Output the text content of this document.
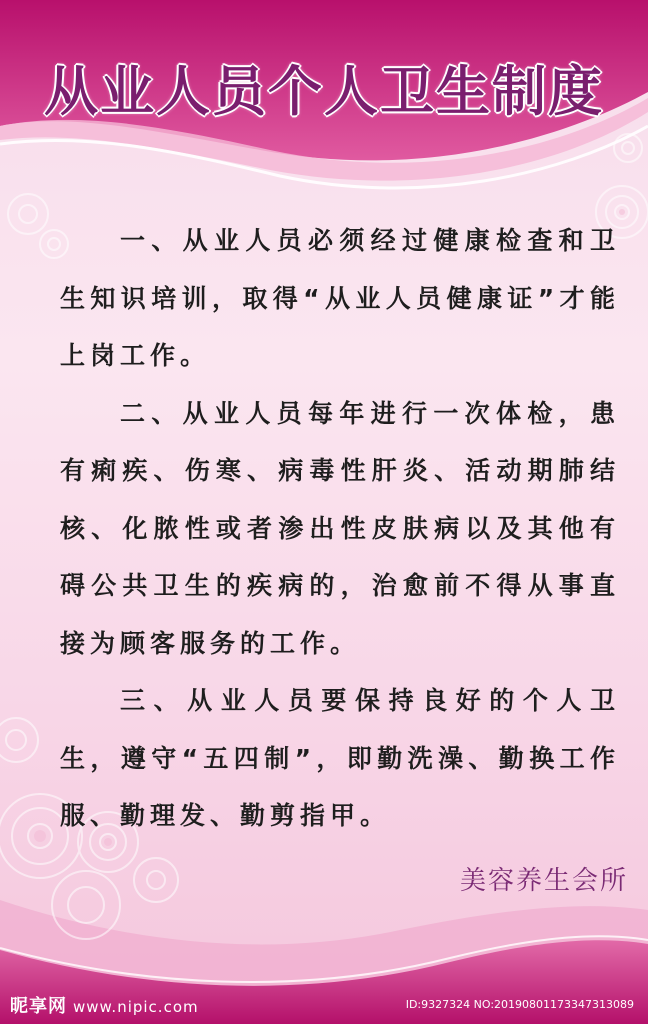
从业人员个人卫生制度

一、从业人员必须经过健康检查和卫生知识培训，取得“从业人员健康证”才能上岗工作。

二、从业人员每年进行一次体检，患有痢疾、伤寒、病毒性肝炎、活动期肺结核、化脓性或者渗出性皮肤病以及其他有碍公共卫生的疾病的，治愈前不得从事直接为顾客服务的工作。

三、从业人员要保持良好的个人卫生，遵守“五四制”，即勤洗澡、勤换工作服、勤理发、勤剪指甲。

美容养生会所
昵享网 www.nipic.com	ID:9327324 NO:20190801173347313089
